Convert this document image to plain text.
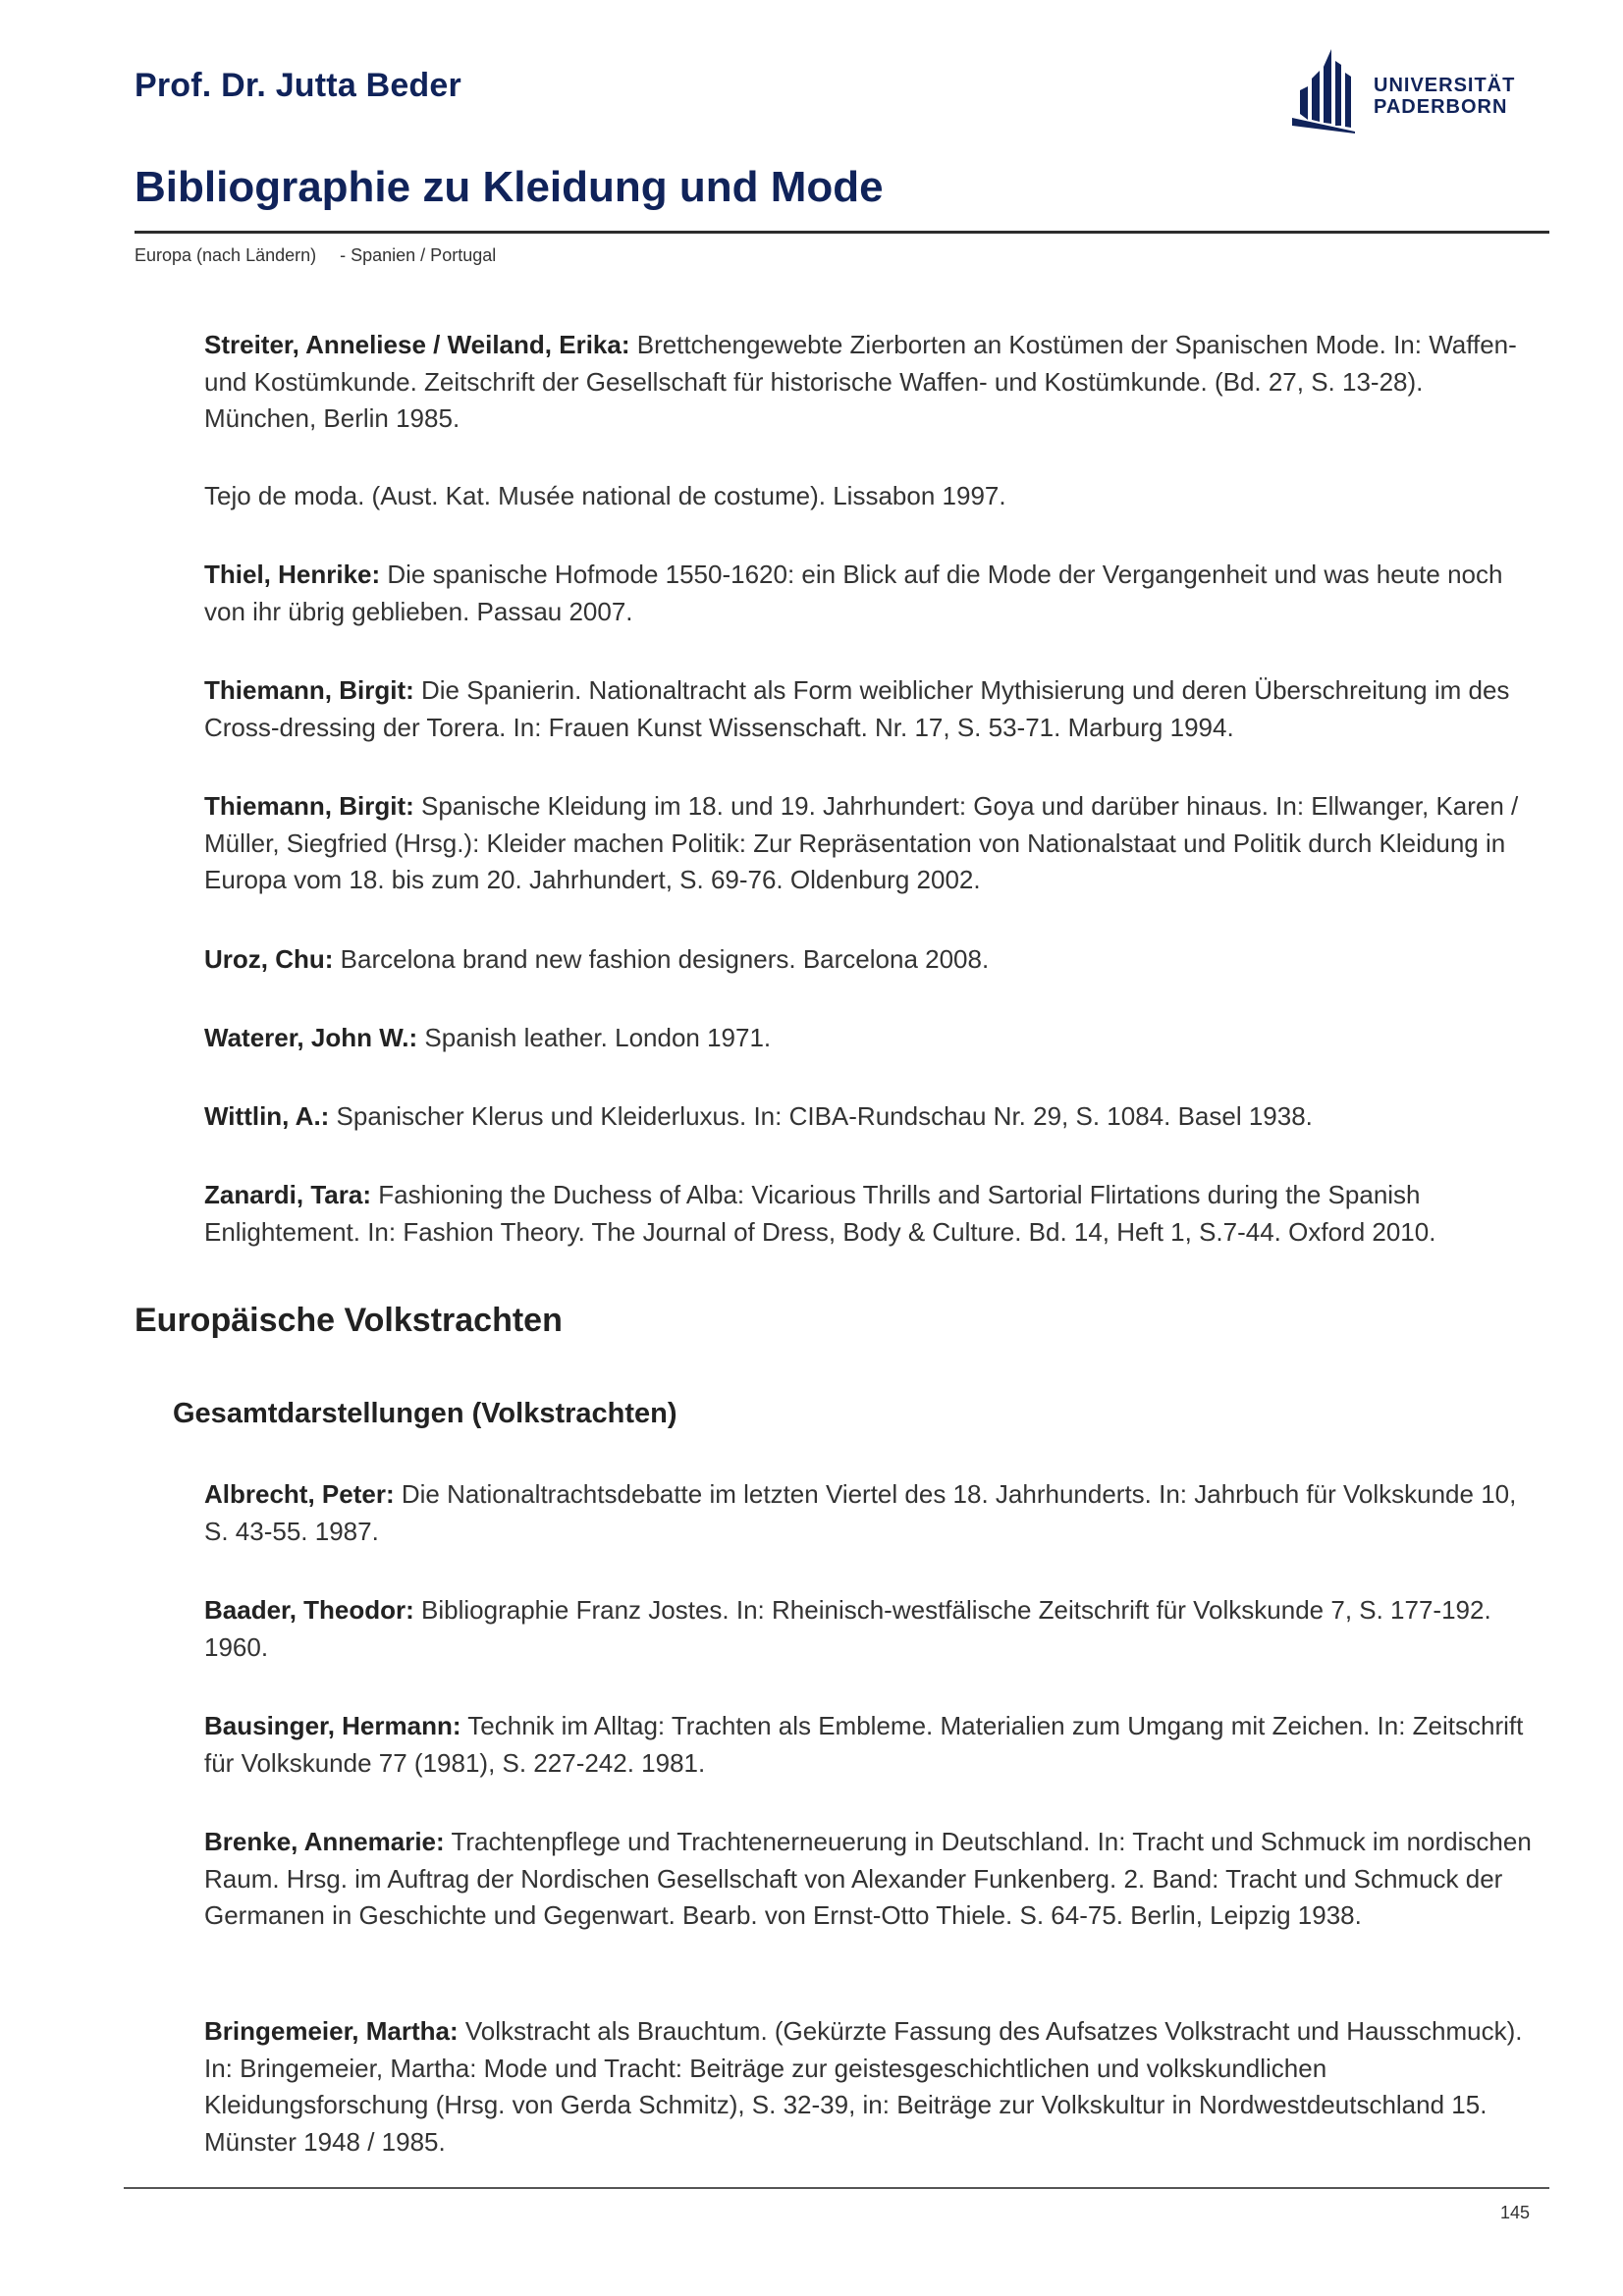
Prof. Dr. Jutta Beder	UNIVERSITÄT
PADERBORN
Bibliographie zu Kleidung und Mode
Europa (nach Ländern) - Spanien / Portugal

Streiter, Anneliese / Weiland, Erika: Brettchengewebte Zierborten an Kostümen der Spanischen Mode. In: Waffen- und Kostümkunde. Zeitschrift der Gesellschaft für historische Waffen- und Kostümkunde. (Bd. 27, S. 13-28). München, Berlin 1985.

Tejo de moda. (Aust. Kat. Musée national de costume). Lissabon 1997.

Thiel, Henrike: Die spanische Hofmode 1550-1620: ein Blick auf die Mode der Vergangenheit und was heute noch von ihr übrig geblieben. Passau 2007.

Thiemann, Birgit: Die Spanierin. Nationaltracht als Form weiblicher Mythisierung und deren Überschreitung im des Cross-dressing der Torera. In: Frauen Kunst Wissenschaft. Nr. 17, S. 53-71. Marburg 1994.

Thiemann, Birgit: Spanische Kleidung im 18. und 19. Jahrhundert: Goya und darüber hinaus. In: Ellwanger, Karen / Müller, Siegfried (Hrsg.): Kleider machen Politik: Zur Repräsentation von Nationalstaat und Politik durch Kleidung in Europa vom 18. bis zum 20. Jahrhundert, S. 69-76. Oldenburg 2002.

Uroz, Chu: Barcelona brand new fashion designers. Barcelona 2008.

Waterer, John W.: Spanish leather. London 1971.

Wittlin, A.: Spanischer Klerus und Kleiderluxus. In: CIBA-Rundschau Nr. 29, S. 1084. Basel 1938.

Zanardi, Tara: Fashioning the Duchess of Alba: Vicarious Thrills and Sartorial Flirtations during the Spanish Enlightement. In: Fashion Theory. The Journal of Dress, Body & Culture. Bd. 14, Heft 1, S.7-44. Oxford 2010.

Europäische Volkstrachten
Gesamtdarstellungen (Volkstrachten)

Albrecht, Peter: Die Nationaltrachtsdebatte im letzten Viertel des 18. Jahrhunderts. In: Jahrbuch für Volkskunde 10, S. 43-55. 1987.

Baader, Theodor: Bibliographie Franz Jostes. In: Rheinisch-westfälische Zeitschrift für Volkskunde 7, S. 177-192. 1960.

Bausinger, Hermann: Technik im Alltag: Trachten als Embleme. Materialien zum Umgang mit Zeichen. In: Zeitschrift für Volkskunde 77 (1981), S. 227-242. 1981.

Brenke, Annemarie: Trachtenpflege und Trachtenerneuerung in Deutschland. In: Tracht und Schmuck im nordischen Raum. Hrsg. im Auftrag der Nordischen Gesellschaft von Alexander Funkenberg. 2. Band: Tracht und Schmuck der Germanen in Geschichte und Gegenwart. Bearb. von Ernst-Otto Thiele. S. 64-75. Berlin, Leipzig 1938.

Bringemeier, Martha: Volkstracht als Brauchtum. (Gekürzte Fassung des Aufsatzes Volkstracht und Hausschmuck). In: Bringemeier, Martha: Mode und Tracht: Beiträge zur geistesgeschichtlichen und volkskundlichen Kleidungsforschung (Hrsg. von Gerda Schmitz), S. 32-39, in: Beiträge zur Volkskultur in Nordwestdeutschland 15. Münster 1948 / 1985.

145
